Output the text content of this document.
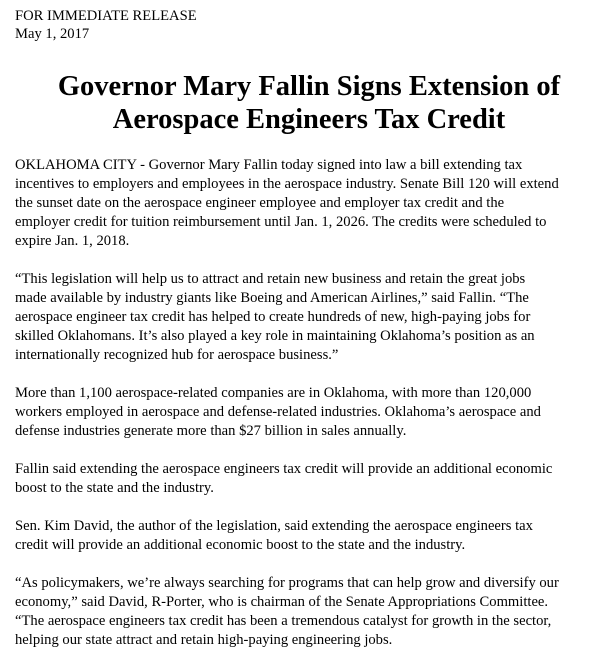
FOR IMMEDIATE RELEASE

May 1, 2017

Governor Mary Fallin Signs Extension of
Aerospace Engineers Tax Credit

OKLAHOMA CITY - Governor Mary Fallin today signed into law a bill extending tax
incentives to employers and employees in the aerospace industry. Senate Bill 120 will extend
the sunset date on the aerospace engineer employee and employer tax credit and the
employer credit for tuition reimbursement until Jan. 1, 2026. The credits were scheduled to
expire Jan. 1, 2018.

“This legislation will help us to attract and retain new business and retain the great jobs
made available by industry giants like Boeing and American Airlines,” said Fallin. “The
aerospace engineer tax credit has helped to create hundreds of new, high-paying jobs for
skilled Oklahomans. It’s also played a key role in maintaining Oklahoma’s position as an
internationally recognized hub for aerospace business.”

More than 1,100 aerospace-related companies are in Oklahoma, with more than 120,000
workers employed in aerospace and defense-related industries. Oklahoma’s aerospace and
defense industries generate more than $27 billion in sales annually.

Fallin said extending the aerospace engineers tax credit will provide an additional economic
boost to the state and the industry.

Sen. Kim David, the author of the legislation, said extending the aerospace engineers tax
credit will provide an additional economic boost to the state and the industry.

“As policymakers, we’re always searching for programs that can help grow and diversify our
economy,” said David, R-Porter, who is chairman of the Senate Appropriations Committee.
“The aerospace engineers tax credit has been a tremendous catalyst for growth in the sector,
helping our state attract and retain high-paying engineering jobs.
